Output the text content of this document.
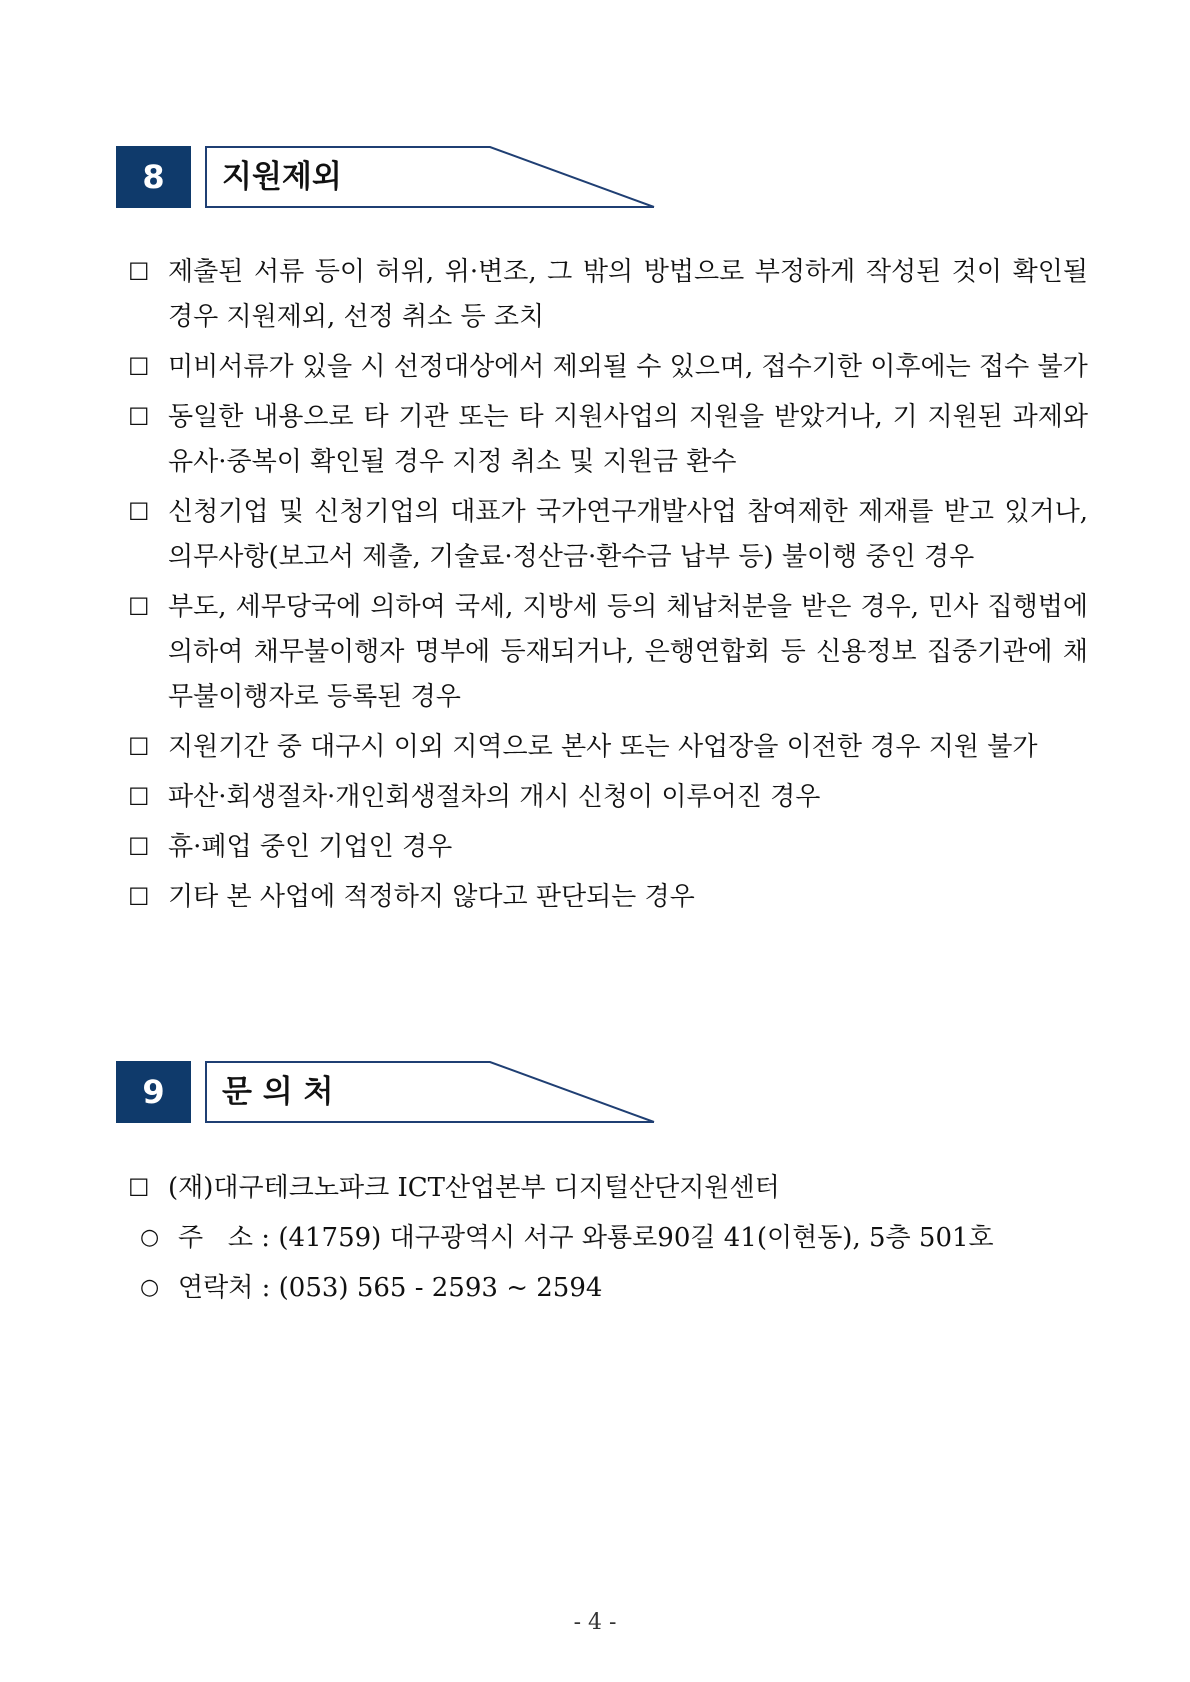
8	지원제외
☐ 제출된 서류 등이 허위, 위·변조, 그 밖의 방법으로 부정하게 작성된 것이 확인될 경우 지원제외, 선정 취소 등 조치
☐ 미비서류가 있을 시 선정대상에서 제외될 수 있으며, 접수기한 이후에는 접수 불가
☐ 동일한 내용으로 타 기관 또는 타 지원사업의 지원을 받았거나, 기 지원된 과제와 유사·중복이 확인될 경우 지정 취소 및 지원금 환수
☐ 신청기업 및 신청기업의 대표가 국가연구개발사업 참여제한 제재를 받고 있거나, 의무사항(보고서 제출, 기술료·정산금·환수금 납부 등) 불이행 중인 경우
☐ 부도, 세무당국에 의하여 국세, 지방세 등의 체납처분을 받은 경우, 민사 집행법에 의하여 채무불이행자 명부에 등재되거나, 은행연합회 등 신용정보 집중기관에 채무불이행자로 등록된 경우
☐ 지원기간 중 대구시 이외 지역으로 본사 또는 사업장을 이전한 경우 지원 불가
☐ 파산·회생절차·개인회생절차의 개시 신청이 이루어진 경우
☐ 휴·폐업 중인 기업인 경우
☐ 기타 본 사업에 적정하지 않다고 판단되는 경우
9	문 의 처
☐ (재)대구테크노파크 ICT산업본부 디지털산단지원센터
○ 주   소 : (41759) 대구광역시 서구 와룡로90길 41(이현동), 5층 501호
○ 연락처 : (053) 565 - 2593 ~ 2594
- 4 -
